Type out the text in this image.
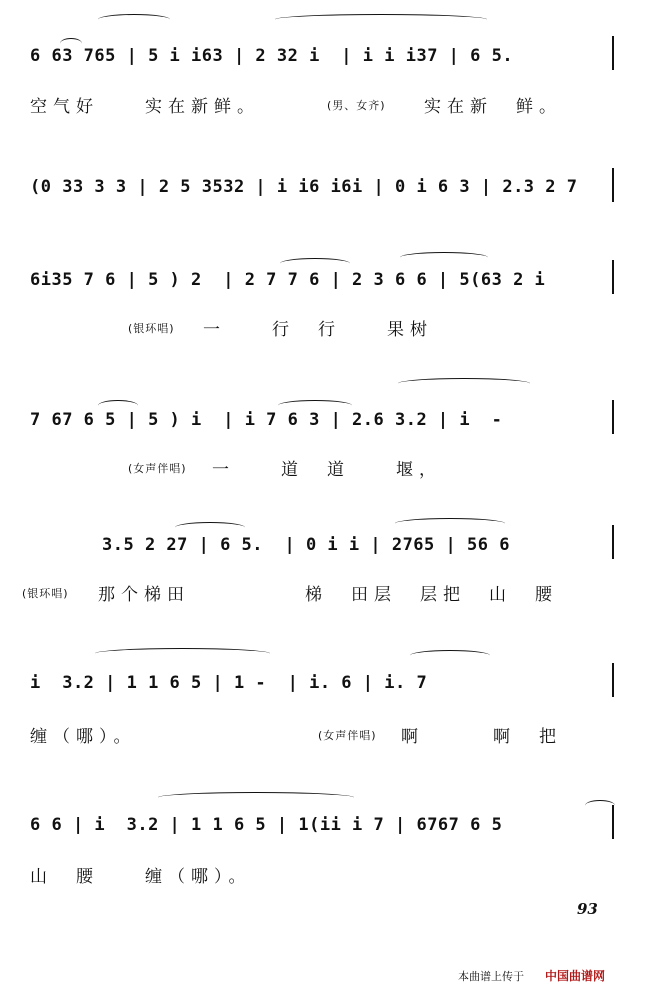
6 63 765 | 5 i i63 | 2 32 i  | i i i37 | 6 5.
空气好　　实在新鲜。	(男、女齐) 实在新　鲜。
(0 33 3 3 | 2 5 3532 | i i6 i6i | 0 i 6 3 | 2.3 2 7
6i35 7 6 | 5 ) 2  | 2 7 7 6 | 2 3 6 6 | 5(63 2 i
(银环唱) 一　　行　行　　果树
7 67 6 5 | 5 ) i  | i 7 6 3 | 2.6 3.2 | i  -
(女声伴唱) 一　　道　道　　堰，
3.5 2 27 | 6 5.  | 0 i i | 2765 | 56 6
(银环唱) 那个梯田　　　　　梯　田层　层把　山　腰
i  3.2 | 1 1 6 5 | 1 -  | i. 6 | i. 7
缠（哪）。	(女声伴唱) 啊　　　啊　把
6 6 | i  3.2 | 1 1 6 5 | 1(ii i 7 | 6767 6 5
山　腰　　缠（哪）。
93
本曲谱上传于 中国曲谱网
